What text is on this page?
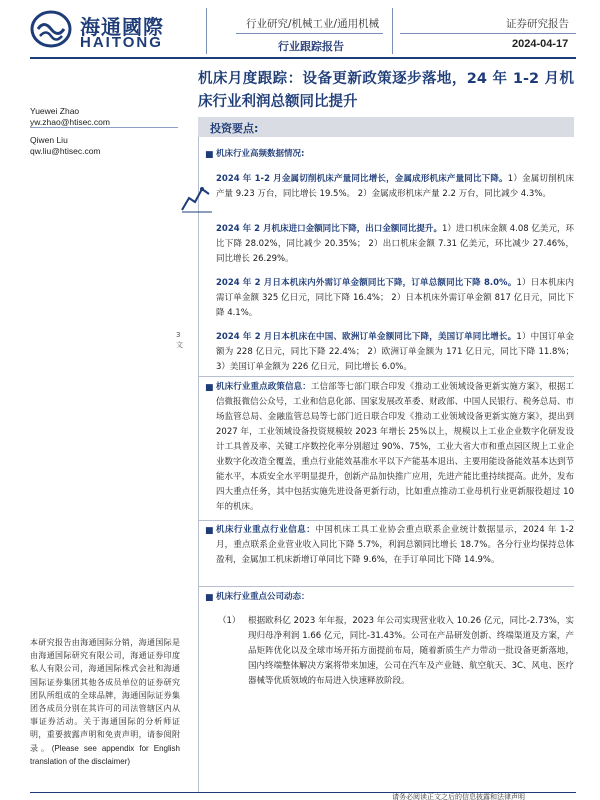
海通國際
HAITONG
行业研究/机械工业/通用机械
行业跟踪报告
证券研究报告
2024-04-17
机床月度跟踪：设备更新政策逐步落地，24 年 1-2 月机床行业利润总额同比提升
Yuewei Zhao
yw.zhao@htisec.com
Qiwen Liu
qw.liu@htisec.com
投资要点:
3 文
■ 机床行业高频数据情况:
2024 年 1-2 月金属切削机床产量同比增长，金属成形机床产量同比下降。1）金属切削机床产量 9.23 万台，同比增长 19.5%。 2）金属成形机床产量 2.2 万台，同比减少 4.3%。
2024 年 2 月机床进口金额同比下降，出口金额同比提升。1）进口机床金额 4.08 亿美元，环比下降 28.02%，同比减少 20.35%； 2）出口机床金额 7.31 亿美元，环比减少 27.46%，同比增长 26.29%。
2024 年 2 月日本机床内外需订单金额同比下降，订单总额同比下降 8.0%。1）日本机床内需订单金额 325 亿日元，同比下降 16.4%； 2）日本机床外需订单金额 817 亿日元，同比下降 4.1%。
2024 年 2 月日本机床在中国、欧洲订单金额同比下降，美国订单同比增长。1）中国订单金额为 228 亿日元，同比下降 22.4%； 2）欧洲订单金额为 171 亿日元，同比下降 11.8%； 3）美国订单金额为 226 亿日元，同比增长 6.0%。
■ 机床行业重点政策信息：工信部等七部门联合印发《推动工业领域设备更新实施方案》，根据工信微报微信公众号，工业和信息化部、国家发展改革委、财政部、中国人民银行、税务总局、市场监管总局、金融监管总局等七部门近日联合印发《推动工业领域设备更新实施方案》，提出到 2027 年，工业领域设备投资规模较 2023 年增长 25%以上，规模以上工业企业数字化研发设计工具普及率、关键工序数控化率分别超过 90%、75%，工业大省大市和重点园区规上工业企业数字化改造全覆盖，重点行业能效基准水平以下产能基本退出、主要用能设备能效基本达到节能水平，本质安全水平明显提升，创新产品加快推广应用，先进产能比重持续提高。此外，发布四大重点任务，其中包括实施先进设备更新行动，比如重点推动工业母机行业更新服役超过 10 年的机床。
■ 机床行业重点行业信息：中国机床工具工业协会重点联系企业统计数据显示，2024 年 1-2 月，重点联系企业营业收入同比下降 5.7%，利润总额同比增长 18.7%。各分行业均保持总体盈利，金属加工机床新增订单同比下降 9.6%，在手订单同比下降 14.9%。
■ 机床行业重点公司动态：
（1） 根据欧科亿 2023 年年报，2023 年公司实现营业收入 10.26 亿元，同比-2.73%，实现归母净利润 1.66 亿元，同比-31.43%。公司在产品研发创新、终端渠道及方案，产品矩阵优化以及全球市场开拓方面提前布局，随着新质生产力带动一批设备更新落地，国内终端整体解决方案将带来加速，公司在汽车及产业链、航空航天、3C、风电、医疗器械等优质领域的布局进入快速释放阶段。
本研究报告由海通国际分销，海通国际是由海通国际研究有限公司，海通证券印度私人有限公司，海通国际株式会社和海通国际证券集团其他各成员单位的证券研究团队所组成的全球品牌，海通国际证券集团各成员分别在其许可的司法管辖区内从事证券活动。关于海通国际的分析师证明，重要披露声明和免责声明，请参阅附录。(Please see appendix for English translation of the disclaimer)
请务必阅读正文之后的信息披露和法律声明
